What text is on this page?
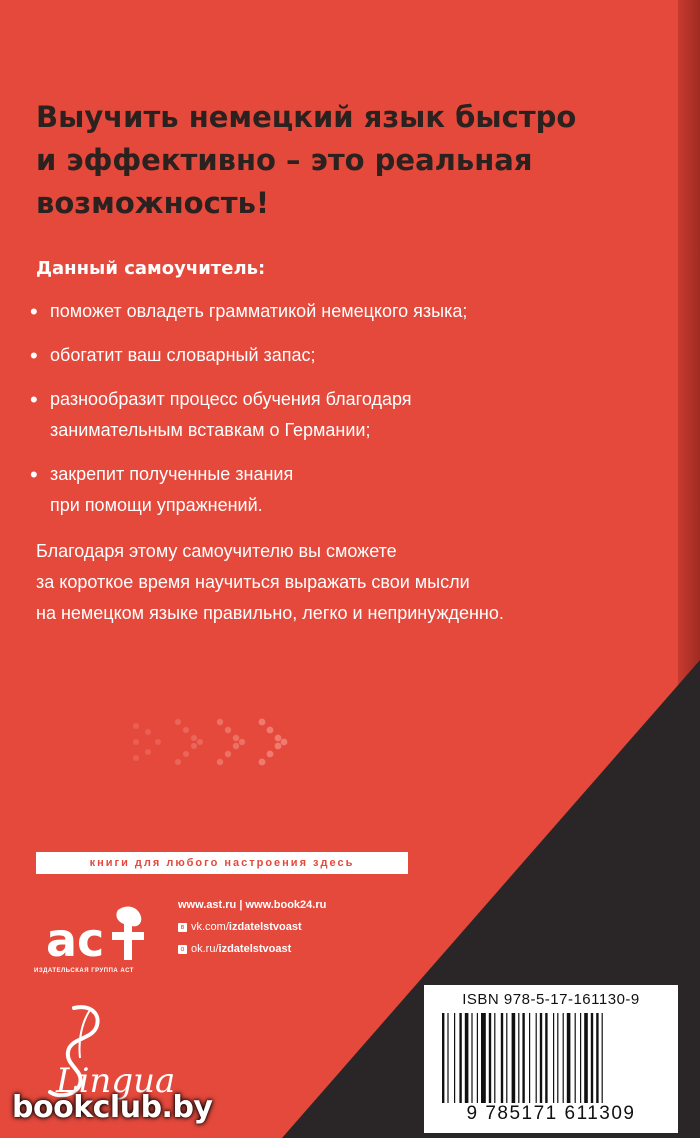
Выучить немецкий язык быстро
и эффективно – это реальная
возможность!
Данный самоучитель:
• поможет овладеть грамматикой немецкого языка;
• обогатит ваш словарный запас;
• разнообразит процесс обучения благодаря
занимательным вставкам о Германии;
• закрепит полученные знания
при помощи упражнений.
Благодаря этому самоучителю вы сможете
за короткое время научиться выражать свои мысли
на немецком языке правильно, легко и непринужденно.
книги для любого настроения здесь
ac
ИЗДАТЕЛЬСКАЯ ГРУППА АСТ
www.ast.ru | www.book24.ru
в vk.com/izdatelstvoast
о ok.ru/izdatelstvoast
Lingua
bookclub.by
ISBN 978-5-17-161130-9
9 785171 611309
